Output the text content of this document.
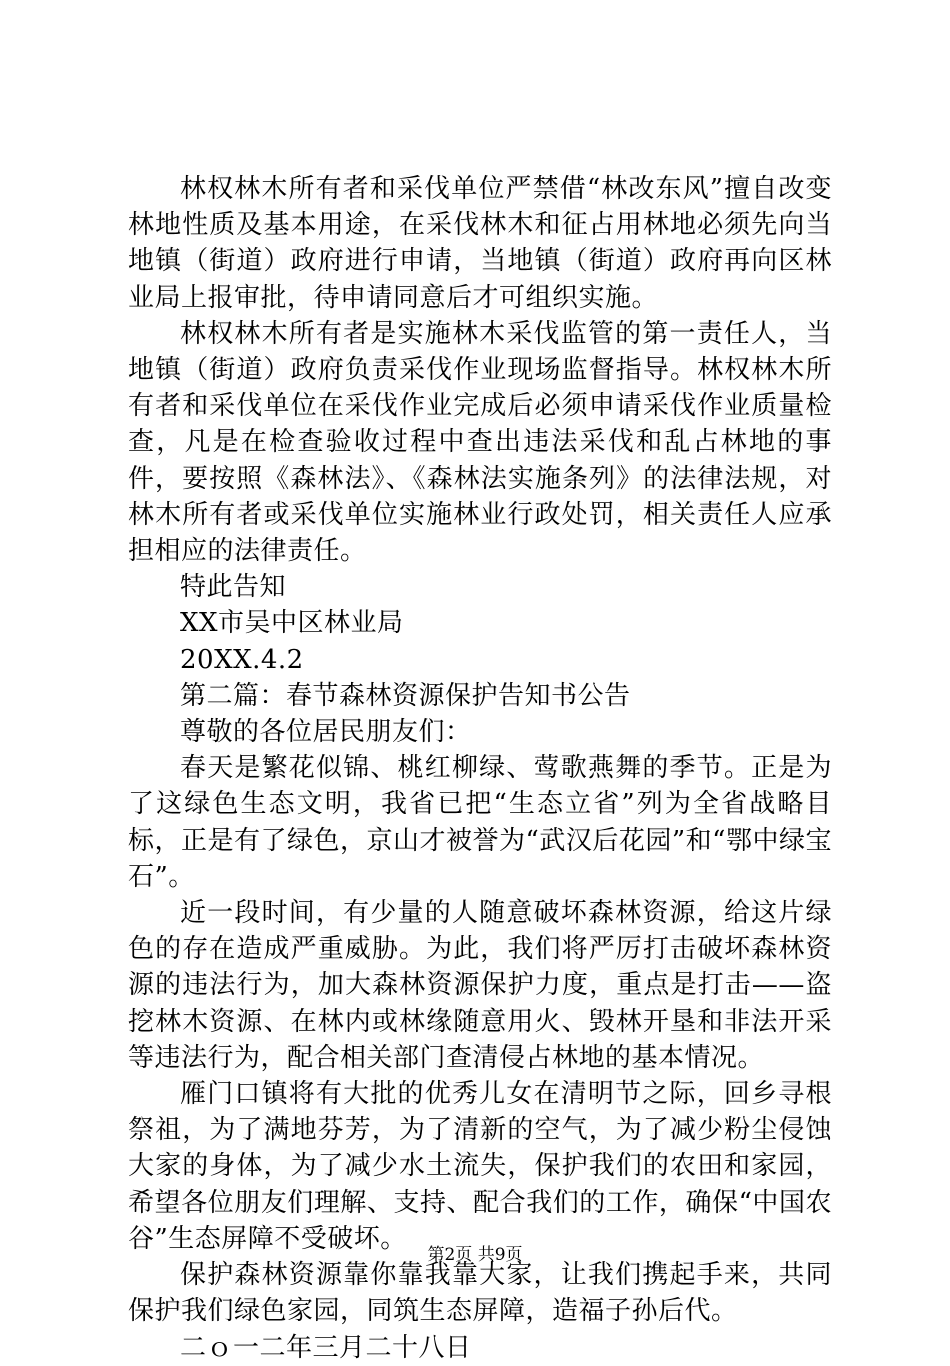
林权林木所有者和采伐单位严禁借“林改东风”擅自改变林地性质及基本用途，在采伐林木和征占用林地必须先向当地镇（街道）政府进行申请，当地镇（街道）政府再向区林业局上报审批，待申请同意后才可组织实施。

林权林木所有者是实施林木采伐监管的第一责任人，当地镇（街道）政府负责采伐作业现场监督指导。林权林木所有者和采伐单位在采伐作业完成后必须申请采伐作业质量检查，凡是在检查验收过程中查出违法采伐和乱占林地的事件，要按照《森林法》、《森林法实施条列》的法律法规，对林木所有者或采伐单位实施林业行政处罚，相关责任人应承担相应的法律责任。

特此告知

XX市吴中区林业局

20XX.4.2

第二篇：春节森林资源保护告知书公告

尊敬的各位居民朋友们：

春天是繁花似锦、桃红柳绿、莺歌燕舞的季节。正是为了这绿色生态文明，我省已把“生态立省”列为全省战略目标，正是有了绿色，京山才被誉为“武汉后花园”和“鄂中绿宝石”。

近一段时间，有少量的人随意破坏森林资源，给这片绿色的存在造成严重威胁。为此，我们将严厉打击破坏森林资源的违法行为，加大森林资源保护力度，重点是打击——盗挖林木资源、在林内或林缘随意用火、毁林开垦和非法开采等违法行为，配合相关部门查清侵占林地的基本情况。

雁门口镇将有大批的优秀儿女在清明节之际，回乡寻根祭祖，为了满地芬芳，为了清新的空气，为了减少粉尘侵蚀大家的身体，为了减少水土流失，保护我们的农田和家园，希望各位朋友们理解、支持、配合我们的工作，确保“中国农谷”生态屏障不受破坏。

保护森林资源靠你靠我靠大家，让我们携起手来，共同保护我们绿色家园，同筑生态屏障，造福子孙后代。

二ｏ一二年三月二十八日

第2页 共9页
